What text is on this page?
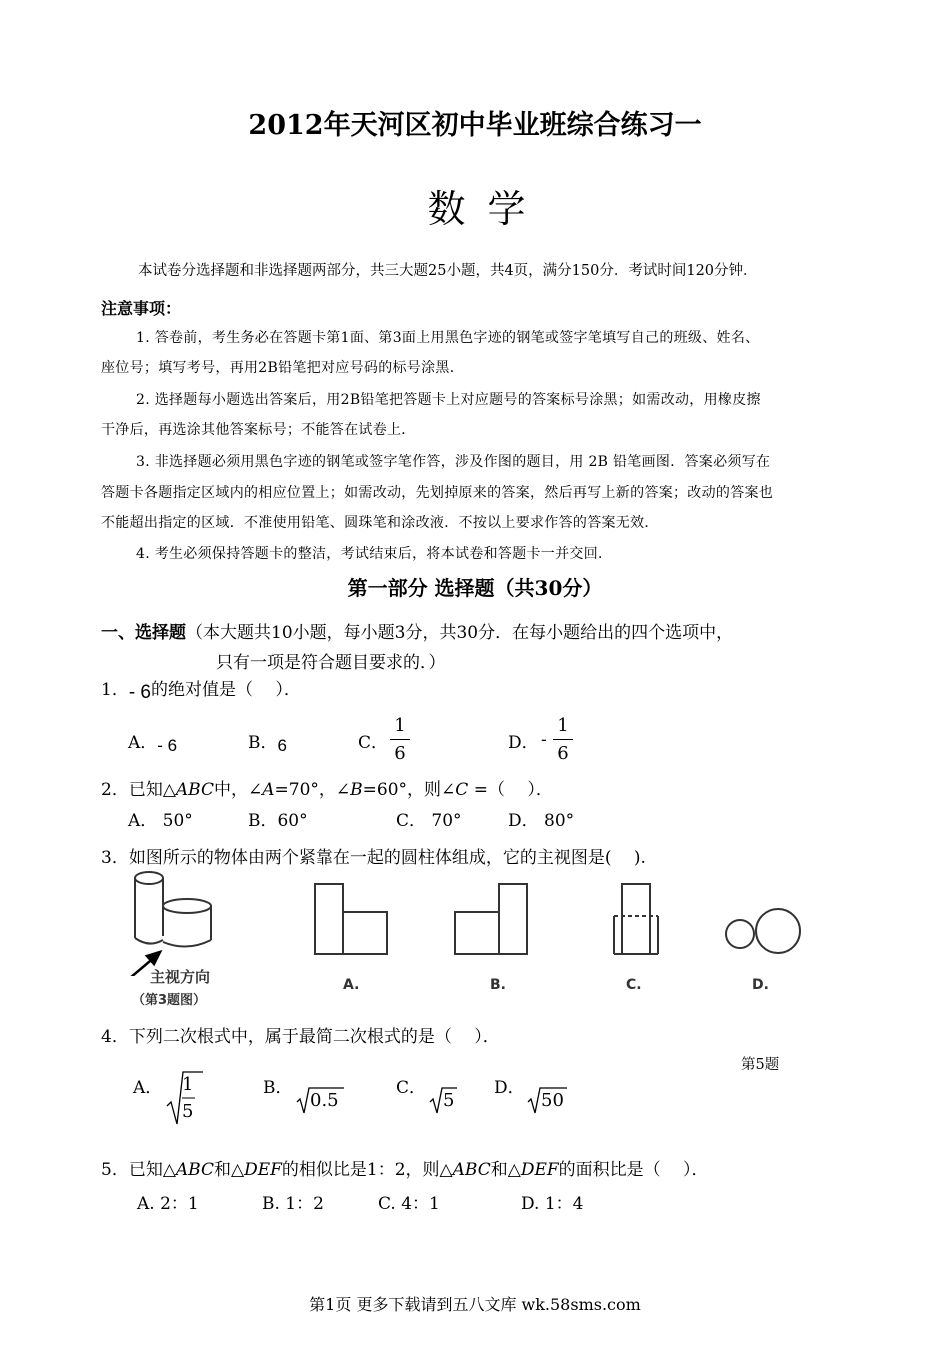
2012年天河区初中毕业班综合练习一
数学
本试卷分选择题和非选择题两部分，共三大题25小题，共4页，满分150分．考试时间120分钟．
注意事项：
1. 答卷前，考生务必在答题卡第1面、第3面上用黑色字迹的钢笔或签字笔填写自己的班级、姓名、
座位号；填写考号，再用2B铅笔把对应号码的标号涂黑．
2. 选择题每小题选出答案后，用2B铅笔把答题卡上对应题号的答案标号涂黑；如需改动，用橡皮擦
干净后，再选涂其他答案标号；不能答在试卷上．
3. 非选择题必须用黑色字迹的钢笔或签字笔作答，涉及作图的题目，用 2B 铅笔画图．答案必须写在
答题卡各题指定区域内的相应位置上；如需改动，先划掉原来的答案，然后再写上新的答案；改动的答案也
不能超出指定的区域．不准使用铅笔、圆珠笔和涂改液．不按以上要求作答的答案无效．
4. 考生必须保持答题卡的整洁，考试结束后，将本试卷和答题卡一并交回．
第一部分 选择题（共30分）
一、选择题（本大题共10小题，每小题3分，共30分．在每小题给出的四个选项中，
只有一项是符合题目要求的．）
1．- 6的绝对值是（　 ）．
A．- 6	B．6	C．
1
6	D． -
1
6
2．已知△ABC中，∠A=70°，∠B=60°，则∠C =（　 ）．
A． 50°	B．60°	C． 70°	D． 80°
3．如图所示的物体由两个紧靠在一起的圆柱体组成，它的主视图是(　 ).
主视方向
（第3题图）
A.	B.	C.	D.
4．下列二次根式中，属于最简二次根式的是（　 ）．
第5题
A． 1
5
B．
0.5
C．
5
D．
50
5．已知△ABC和△DEF的相似比是1：2，则△ABC和△DEF的面积比是（　 ）．
A. 2：1	B. 1：2	C. 4：1	D. 1：4
第1页 更多下载请到五八文库 wk.58sms.com
